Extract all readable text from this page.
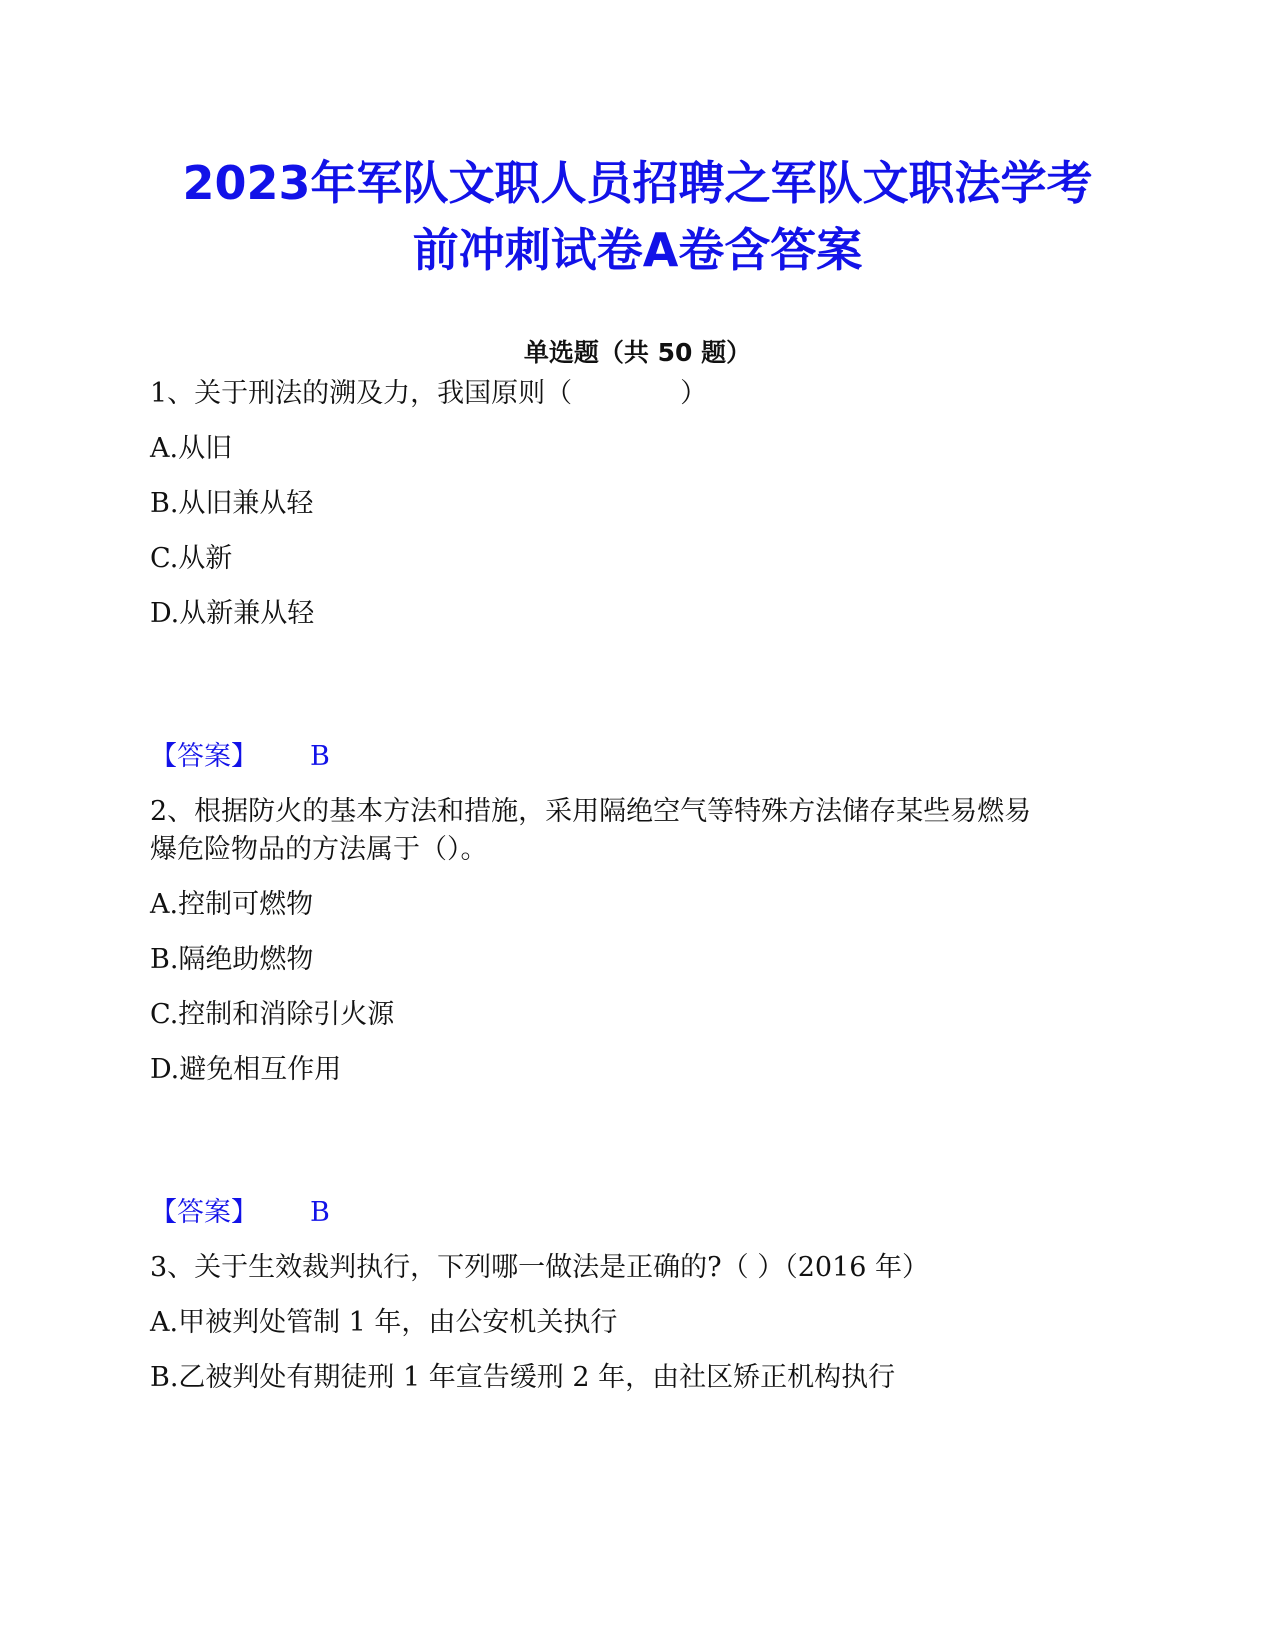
2023年军队文职人员招聘之军队文职法学考
前冲刺试卷A卷含答案
单选题（共 50 题）
1、关于刑法的溯及力，我国原则（　　　　）
A.从旧
B.从旧兼从轻
C.从新
D.从新兼从轻
【答案】 B
2、根据防火的基本方法和措施，采用隔绝空气等特殊方法储存某些易燃易
爆危险物品的方法属于（）。
A.控制可燃物
B.隔绝助燃物
C.控制和消除引火源
D.避免相互作用
【答案】 B
3、关于生效裁判执行，下列哪一做法是正确的?（ ）（2016 年）
A.甲被判处管制 1 年，由公安机关执行
B.乙被判处有期徒刑 1 年宣告缓刑 2 年，由社区矫正机构执行
